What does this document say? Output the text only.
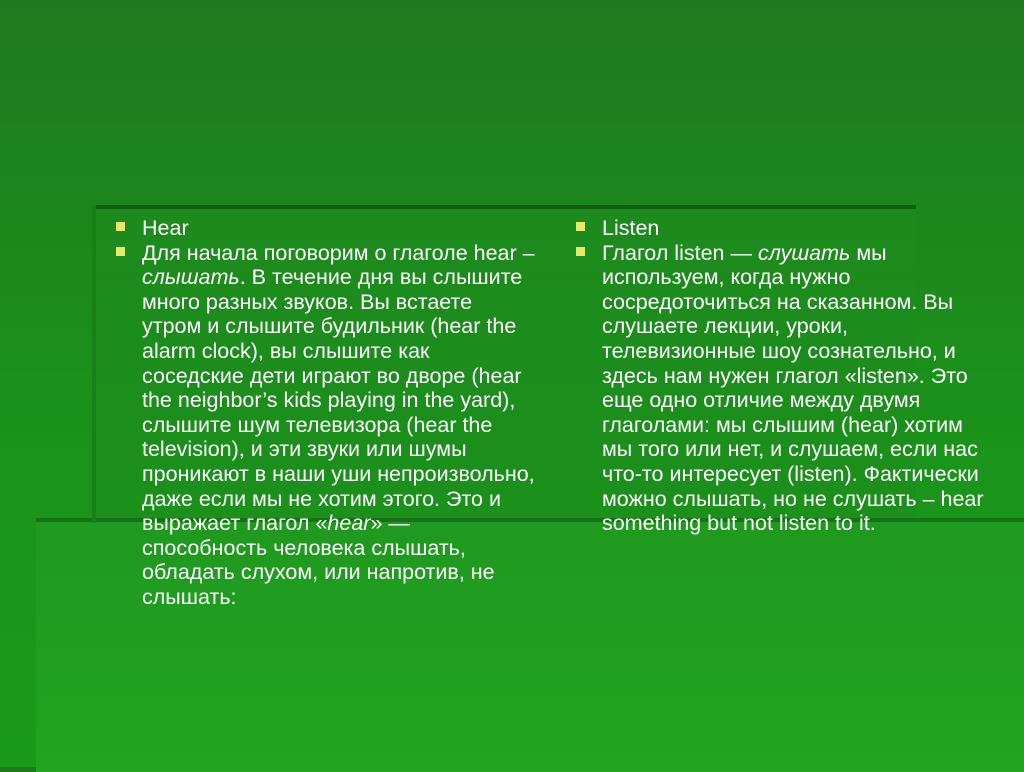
Hear
Для начала поговорим о глаголе hear – слышать. В течение дня вы слышите много разных звуков. Вы встаете утром и слышите будильник (hear the alarm clock), вы слышите как соседские дети играют во дворе (hear the neighbor’s kids playing in the yard), слышите шум телевизора (hear the television), и эти звуки или шумы проникают в наши уши непроизвольно, даже если мы не хотим этого. Это и выражает глагол «hear» — способность человека слышать, обладать слухом, или напротив, не слышать:
Listen
Глагол listen — слушать мы используем, когда нужно сосредоточиться на сказанном. Вы слушаете лекции, уроки, телевизионные шоу сознательно, и здесь нам нужен глагол «listen». Это еще одно отличие между двумя глаголами: мы слышим (hear) хотим мы того или нет, и слушаем, если нас что-то интересует (listen). Фактически можно слышать, но не слушать – hear something but not listen to it.
